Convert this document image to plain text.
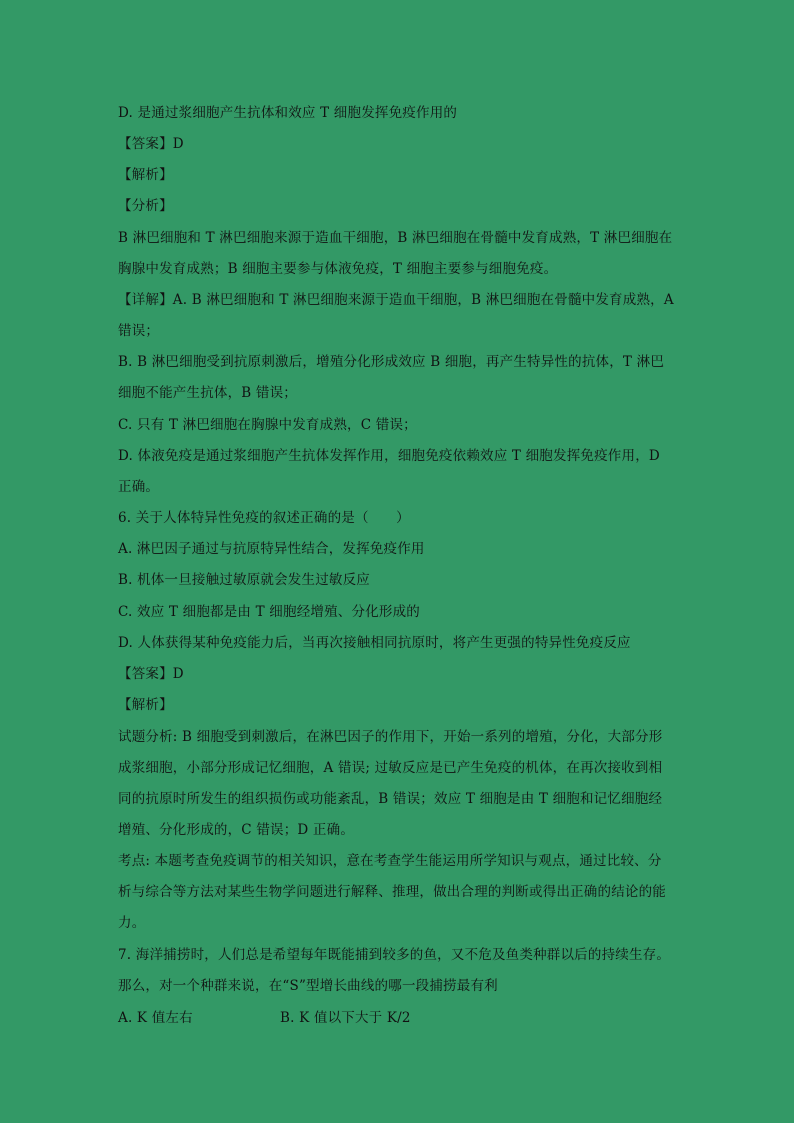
D. 是通过浆细胞产生抗体和效应 T 细胞发挥免疫作用的
【答案】D
【解析】
【分析】
B 淋巴细胞和 T 淋巴细胞来源于造血干细胞，B 淋巴细胞在骨髓中发育成熟，T 淋巴细胞在
胸腺中发育成熟；B 细胞主要参与体液免疫，T 细胞主要参与细胞免疫。
【详解】A. B 淋巴细胞和 T 淋巴细胞来源于造血干细胞，B 淋巴细胞在骨髓中发育成熟，A
错误；
B. B 淋巴细胞受到抗原刺激后，增殖分化形成效应 B 细胞，再产生特异性的抗体，T 淋巴
细胞不能产生抗体，B 错误；
C. 只有 T 淋巴细胞在胸腺中发育成熟，C 错误；
D. 体液免疫是通过浆细胞产生抗体发挥作用，细胞免疫依赖效应 T 细胞发挥免疫作用，D
正确。
6. 关于人体特异性免疫的叙述正确的是（　　）
A. 淋巴因子通过与抗原特异性结合，发挥免疫作用
B. 机体一旦接触过敏原就会发生过敏反应
C. 效应 T 细胞都是由 T 细胞经增殖、分化形成的
D. 人体获得某种免疫能力后，当再次接触相同抗原时，将产生更强的特异性免疫反应
【答案】D
【解析】
试题分析: B 细胞受到刺激后，在淋巴因子的作用下，开始一系列的增殖，分化，大部分形
成浆细胞，小部分形成记忆细胞，A 错误; 过敏反应是已产生免疫的机体，在再次接收到相
同的抗原时所发生的组织损伤或功能紊乱，B 错误；效应 T 细胞是由 T 细胞和记忆细胞经
增殖、分化形成的，C 错误；D 正确。
考点: 本题考查免疫调节的相关知识，意在考查学生能运用所学知识与观点，通过比较、分
析与综合等方法对某些生物学问题进行解释、推理，做出合理的判断或得出正确的结论的能
力。
7. 海洋捕捞时，人们总是希望每年既能捕到较多的鱼，又不危及鱼类种群以后的持续生存。
那么，对一个种群来说，在“S”型增长曲线的哪一段捕捞最有利
A. K 值左右	B. K 值以下大于 K/2
